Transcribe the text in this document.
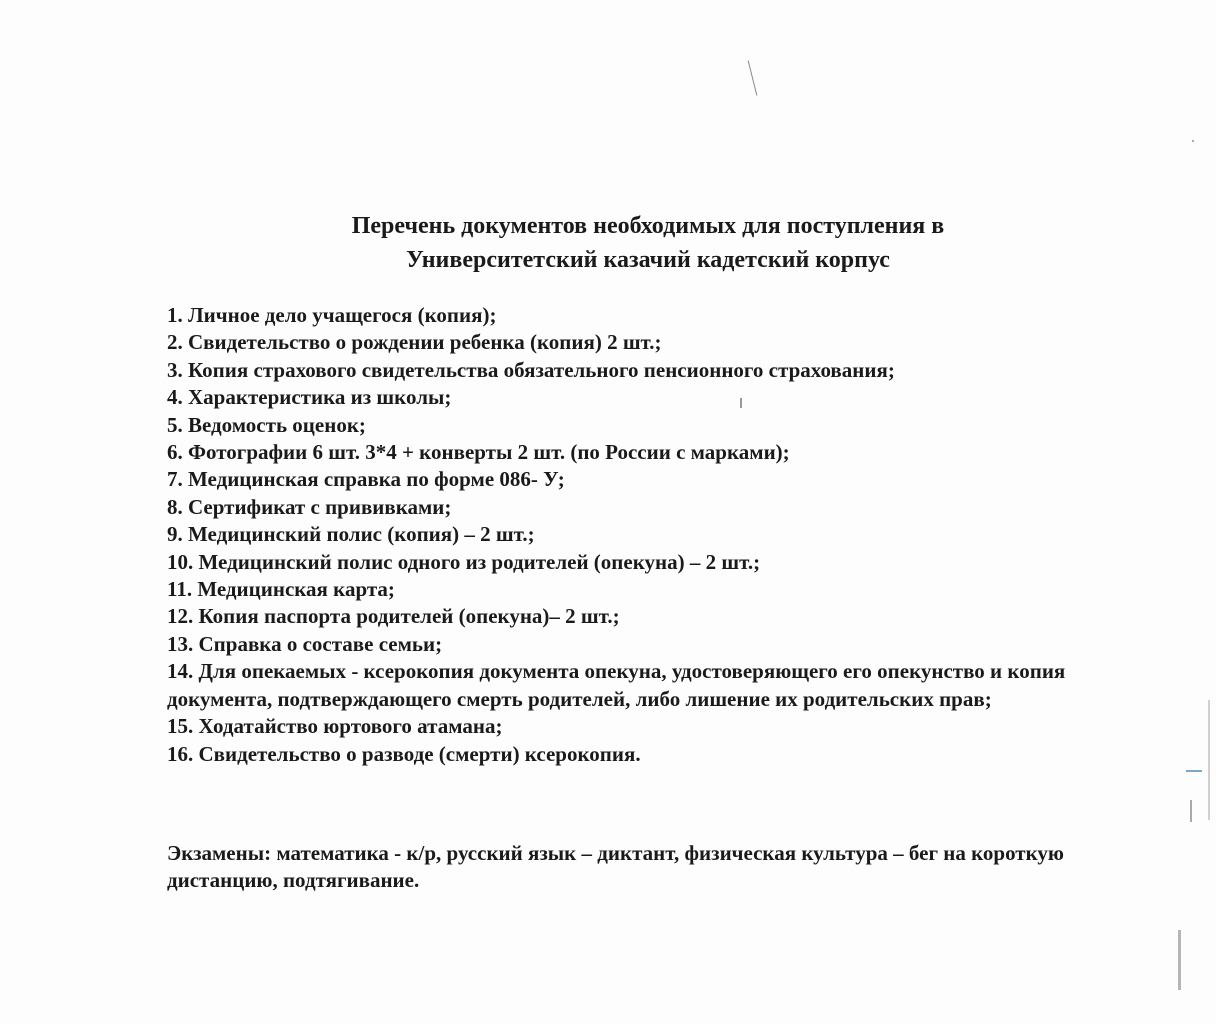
Перечень документов необходимых для поступления в
Университетский казачий кадетский корпус
1. Личное дело учащегося (копия);
2. Свидетельство о рождении ребенка (копия) 2 шт.;
3. Копия страхового свидетельства обязательного пенсионного страхования;
4. Характеристика из школы;
5. Ведомость оценок;
6. Фотографии 6 шт. 3*4 + конверты 2 шт. (по России с марками);
7. Медицинская справка по форме 086- У;
8. Сертификат с прививками;
9. Медицинский полис (копия) – 2 шт.;
10. Медицинский полис одного из родителей (опекуна) – 2 шт.;
11. Медицинская карта;
12. Копия паспорта родителей (опекуна)– 2 шт.;
13. Справка о составе семьи;
14. Для опекаемых - ксерокопия документа опекуна, удостоверяющего его опекунство и копия документа, подтверждающего смерть родителей, либо лишение их родительских прав;
15. Ходатайство юртового атамана;
16. Свидетельство о разводе (смерти) ксерокопия.

Экзамены: математика - к/р, русский язык – диктант, физическая культура – бег на короткую дистанцию, подтягивание.
